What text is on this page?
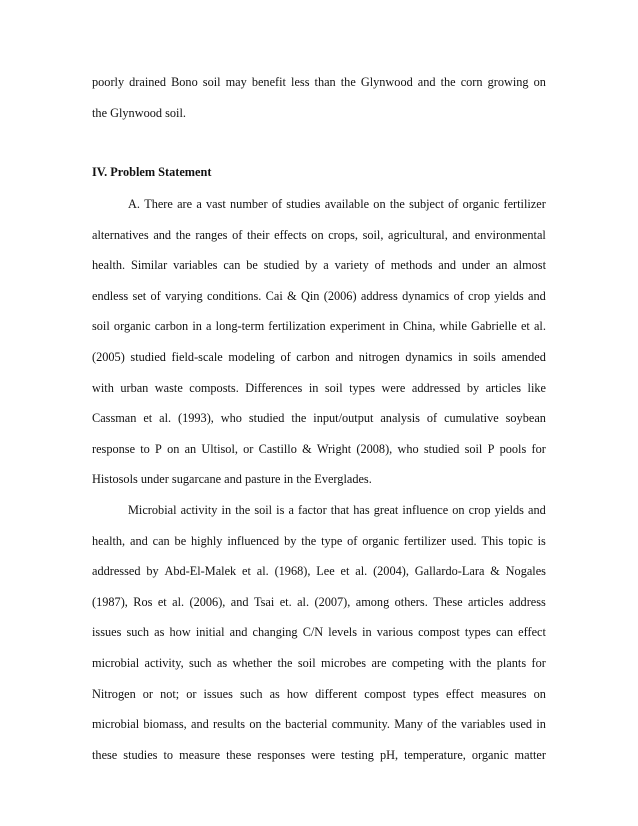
poorly drained Bono soil may benefit less than the Glynwood and the corn growing on
the Glynwood soil.

IV. Problem Statement

A. There are a vast number of studies available on the subject of organic fertilizer
alternatives and the ranges of their effects on crops, soil, agricultural, and environmental
health. Similar variables can be studied by a variety of methods and under an almost
endless set of varying conditions. Cai & Qin (2006) address dynamics of crop yields and
soil organic carbon in a long-term fertilization experiment in China, while Gabrielle et al.
(2005) studied field-scale modeling of carbon and nitrogen dynamics in soils amended
with urban waste composts. Differences in soil types were addressed by articles like
Cassman et al. (1993), who studied the input/output analysis of cumulative soybean
response to P on an Ultisol, or Castillo & Wright (2008), who studied soil P pools for
Histosols under sugarcane and pasture in the Everglades.

Microbial activity in the soil is a factor that has great influence on crop yields and
health, and can be highly influenced by the type of organic fertilizer used. This topic is
addressed by Abd-El-Malek et al. (1968), Lee et al. (2004), Gallardo-Lara & Nogales
(1987), Ros et al. (2006), and Tsai et. al. (2007), among others. These articles address
issues such as how initial and changing C/N levels in various compost types can effect
microbial activity, such as whether the soil microbes are competing with the plants for
Nitrogen or not; or issues such as how different compost types effect measures on
microbial biomass, and results on the bacterial community. Many of the variables used in
these studies to measure these responses were testing pH, temperature, organic matter
